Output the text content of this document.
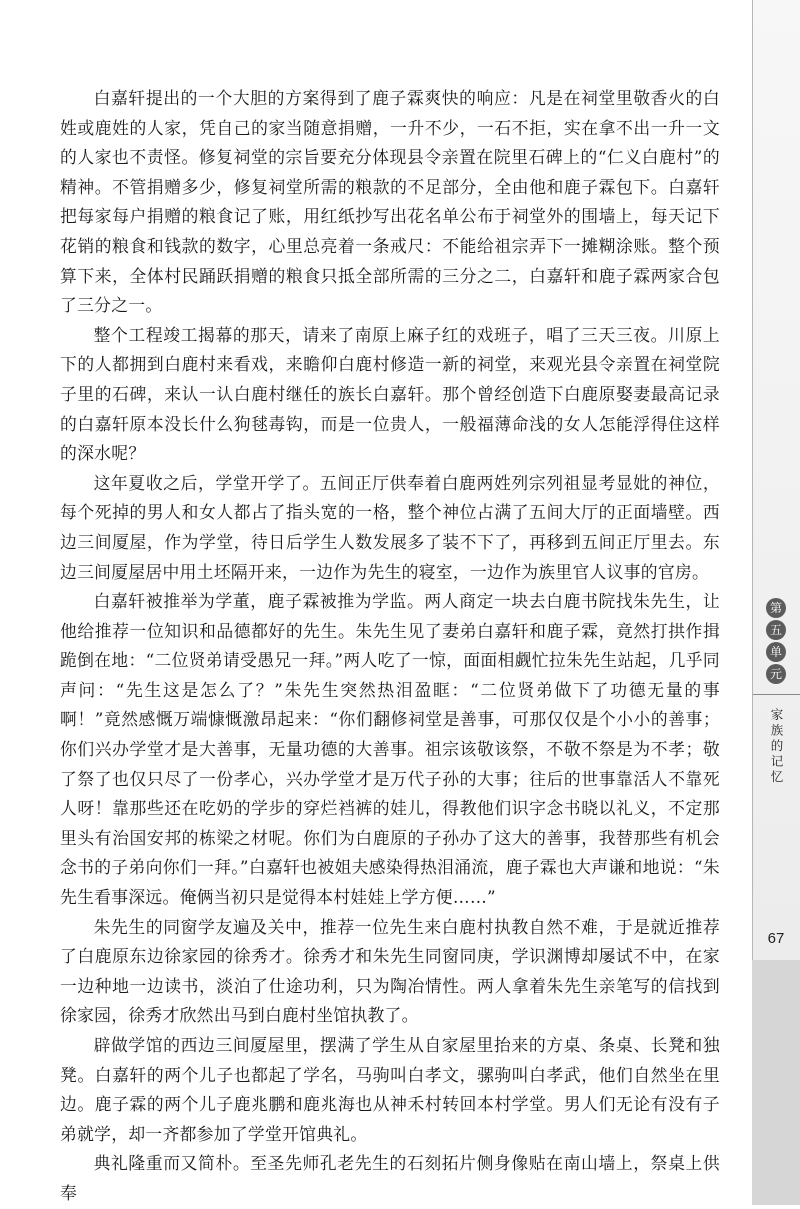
白嘉轩提出的一个大胆的方案得到了鹿子霖爽快的响应：凡是在祠堂里敬香火的白姓或鹿姓的人家，凭自己的家当随意捐赠，一升不少，一石不拒，实在拿不出一升一文的人家也不责怪。修复祠堂的宗旨要充分体现县令亲置在院里石碑上的“仁义白鹿村”的精神。不管捐赠多少，修复祠堂所需的粮款的不足部分，全由他和鹿子霖包下。白嘉轩把每家每户捐赠的粮食记了账，用红纸抄写出花名单公布于祠堂外的围墙上，每天记下花销的粮食和钱款的数字，心里总亮着一条戒尺：不能给祖宗弄下一摊糊涂账。整个预算下来，全体村民踊跃捐赠的粮食只抵全部所需的三分之二，白嘉轩和鹿子霖两家合包了三分之一。

整个工程竣工揭幕的那天，请来了南原上麻子红的戏班子，唱了三天三夜。川原上下的人都拥到白鹿村来看戏，来瞻仰白鹿村修造一新的祠堂，来观光县令亲置在祠堂院子里的石碑，来认一认白鹿村继任的族长白嘉轩。那个曾经创造下白鹿原娶妻最高记录的白嘉轩原本没长什么狗毬毒钩，而是一位贵人，一般福薄命浅的女人怎能浮得住这样的深水呢？

这年夏收之后，学堂开学了。五间正厅供奉着白鹿两姓列宗列祖显考显妣的神位，每个死掉的男人和女人都占了指头宽的一格，整个神位占满了五间大厅的正面墙壁。西边三间厦屋，作为学堂，待日后学生人数发展多了装不下了，再移到五间正厅里去。东边三间厦屋居中用土坯隔开来，一边作为先生的寝室，一边作为族里官人议事的官房。

白嘉轩被推举为学董，鹿子霖被推为学监。两人商定一块去白鹿书院找朱先生，让他给推荐一位知识和品德都好的先生。朱先生见了妻弟白嘉轩和鹿子霖，竟然打拱作揖跪倒在地：“二位贤弟请受愚兄一拜。”两人吃了一惊，面面相觑忙拉朱先生站起，几乎同声问：“先生这是怎么了？”朱先生突然热泪盈眶：“二位贤弟做下了功德无量的事啊！”竟然感慨万端慷慨激昂起来：“你们翻修祠堂是善事，可那仅仅是个小小的善事；你们兴办学堂才是大善事，无量功德的大善事。祖宗该敬该祭，不敬不祭是为不孝；敬了祭了也仅只尽了一份孝心，兴办学堂才是万代子孙的大事；往后的世事靠活人不靠死人呀！靠那些还在吃奶的学步的穿烂裆裤的娃儿，得教他们识字念书晓以礼义，不定那里头有治国安邦的栋梁之材呢。你们为白鹿原的子孙办了这大的善事，我替那些有机会念书的子弟向你们一拜。”白嘉轩也被姐夫感染得热泪涌流，鹿子霖也大声谦和地说：“朱先生看事深远。俺俩当初只是觉得本村娃娃上学方便……”

朱先生的同窗学友遍及关中，推荐一位先生来白鹿村执教自然不难，于是就近推荐了白鹿原东边徐家园的徐秀才。徐秀才和朱先生同窗同庚，学识渊博却屡试不中，在家一边种地一边读书，淡泊了仕途功利，只为陶冶情性。两人拿着朱先生亲笔写的信找到徐家园，徐秀才欣然出马到白鹿村坐馆执教了。

辟做学馆的西边三间厦屋里，摆满了学生从自家屋里抬来的方桌、条桌、长凳和独凳。白嘉轩的两个儿子也都起了学名，马驹叫白孝文，骡驹叫白孝武，他们自然坐在里边。鹿子霖的两个儿子鹿兆鹏和鹿兆海也从神禾村转回本村学堂。男人们无论有没有子弟就学，却一齐都参加了学堂开馆典礼。

典礼隆重而又简朴。至圣先师孔老先生的石刻拓片侧身像贴在南山墙上，祭桌上供奉

第
五
单
元
家族的记忆
67
